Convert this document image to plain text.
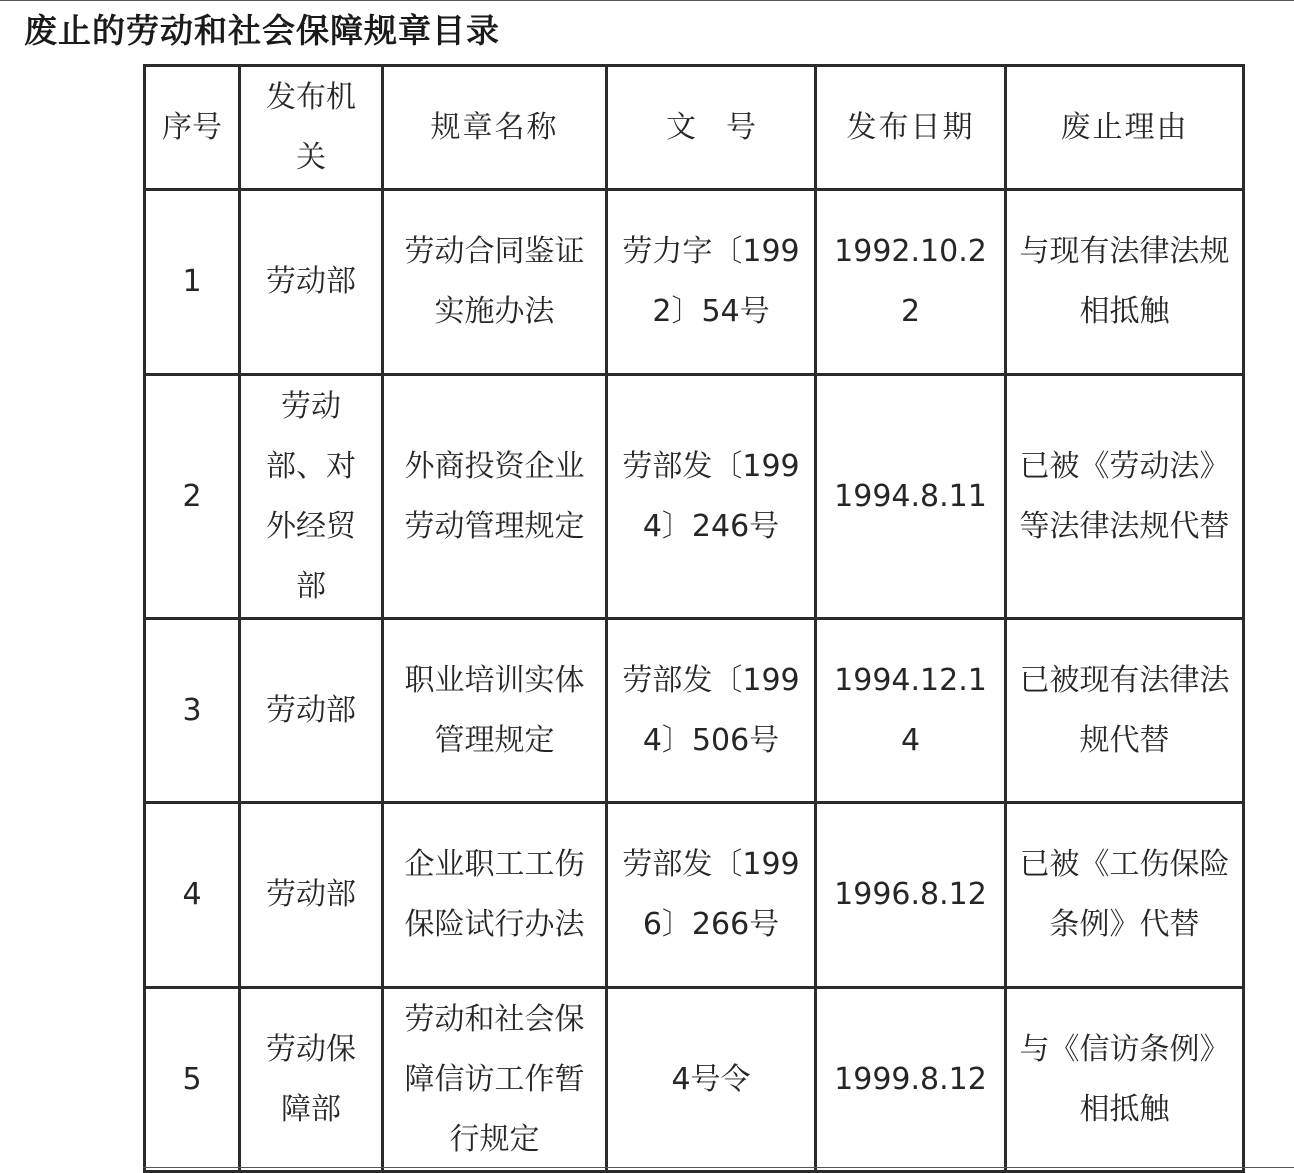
废止的劳动和社会保障规章目录
序号	发布机关	规章名称	文　号	发布日期	废止理由
1	劳动部	劳动合同鉴证实施办法	劳力字〔1992〕54号	1992.10.22	与现有法律法规相抵触
2	劳动部、对外经贸部	外商投资企业劳动管理规定	劳部发〔1994〕246号	1994.8.11	已被《劳动法》等法律法规代替
3	劳动部	职业培训实体管理规定	劳部发〔1994〕506号	1994.12.14	已被现有法律法规代替
4	劳动部	企业职工工伤保险试行办法	劳部发〔1996〕266号	1996.8.12	已被《工伤保险条例》代替
5	劳动保障部	劳动和社会保障信访工作暂行规定	4号令	1999.8.12	与《信访条例》相抵触
